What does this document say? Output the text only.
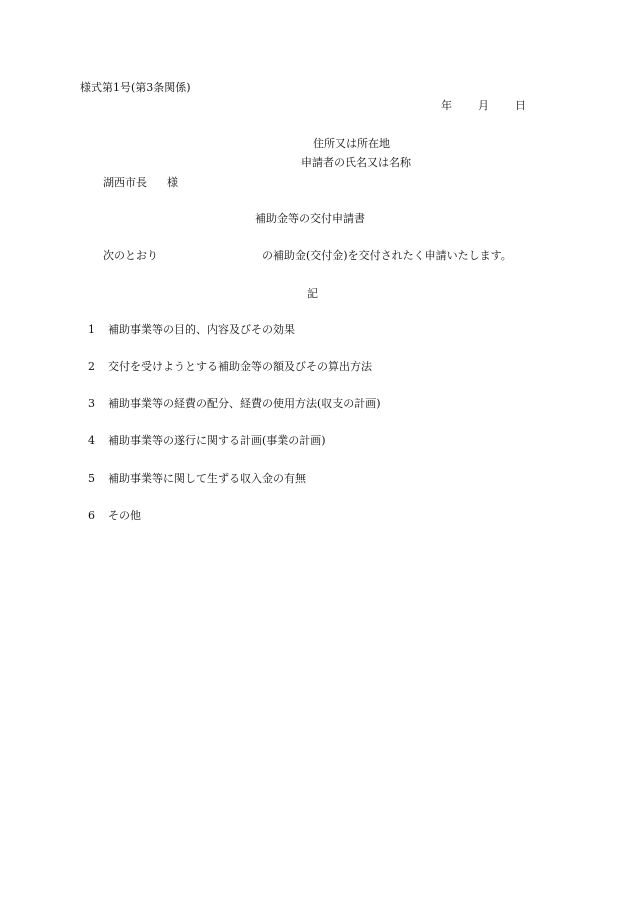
様式第1号(第3条関係)
年 月 日
住所又は所在地
申請者の氏名又は名称
湖西市長 様
補助金等の交付申請書
次のとおり	の補助金(交付金)を交付されたく申請いたします。
記
1 補助事業等の目的、内容及びその効果
2 交付を受けようとする補助金等の額及びその算出方法
3 補助事業等の経費の配分、経費の使用方法(収支の計画)
4 補助事業等の遂行に関する計画(事業の計画)
5 補助事業等に関して生ずる収入金の有無
6 その他
